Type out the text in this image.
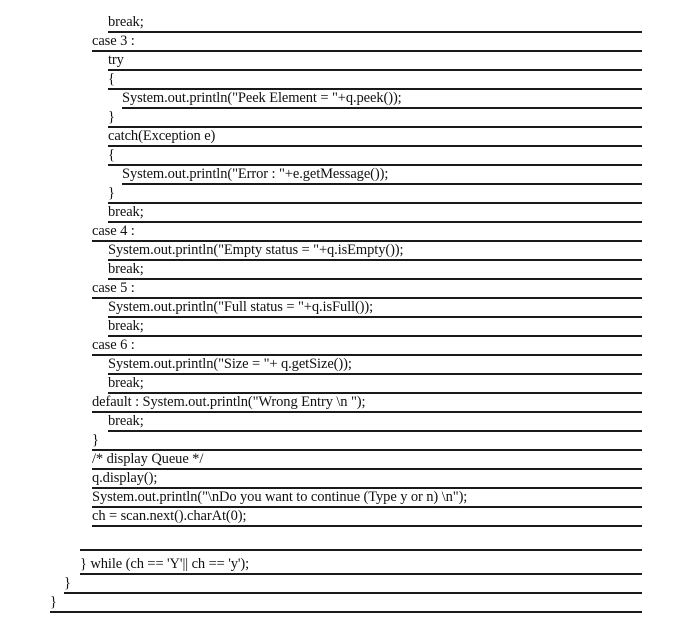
break;
case 3 :
try
{
System.out.println("Peek Element = "+q.peek());
}
catch(Exception e)
{
System.out.println("Error : "+e.getMessage());
}
break;
case 4 :
System.out.println("Empty status = "+q.isEmpty());
break;
case 5 :
System.out.println("Full status = "+q.isFull());
break;
case 6 :
System.out.println("Size = "+ q.getSize());
break;
default : System.out.println("Wrong Entry \n ");
break;
}
/* display Queue */
q.display();
System.out.println("\nDo you want to continue (Type y or n) \n");
ch = scan.next().charAt(0);
} while (ch == 'Y'|| ch == 'y');
}
}
